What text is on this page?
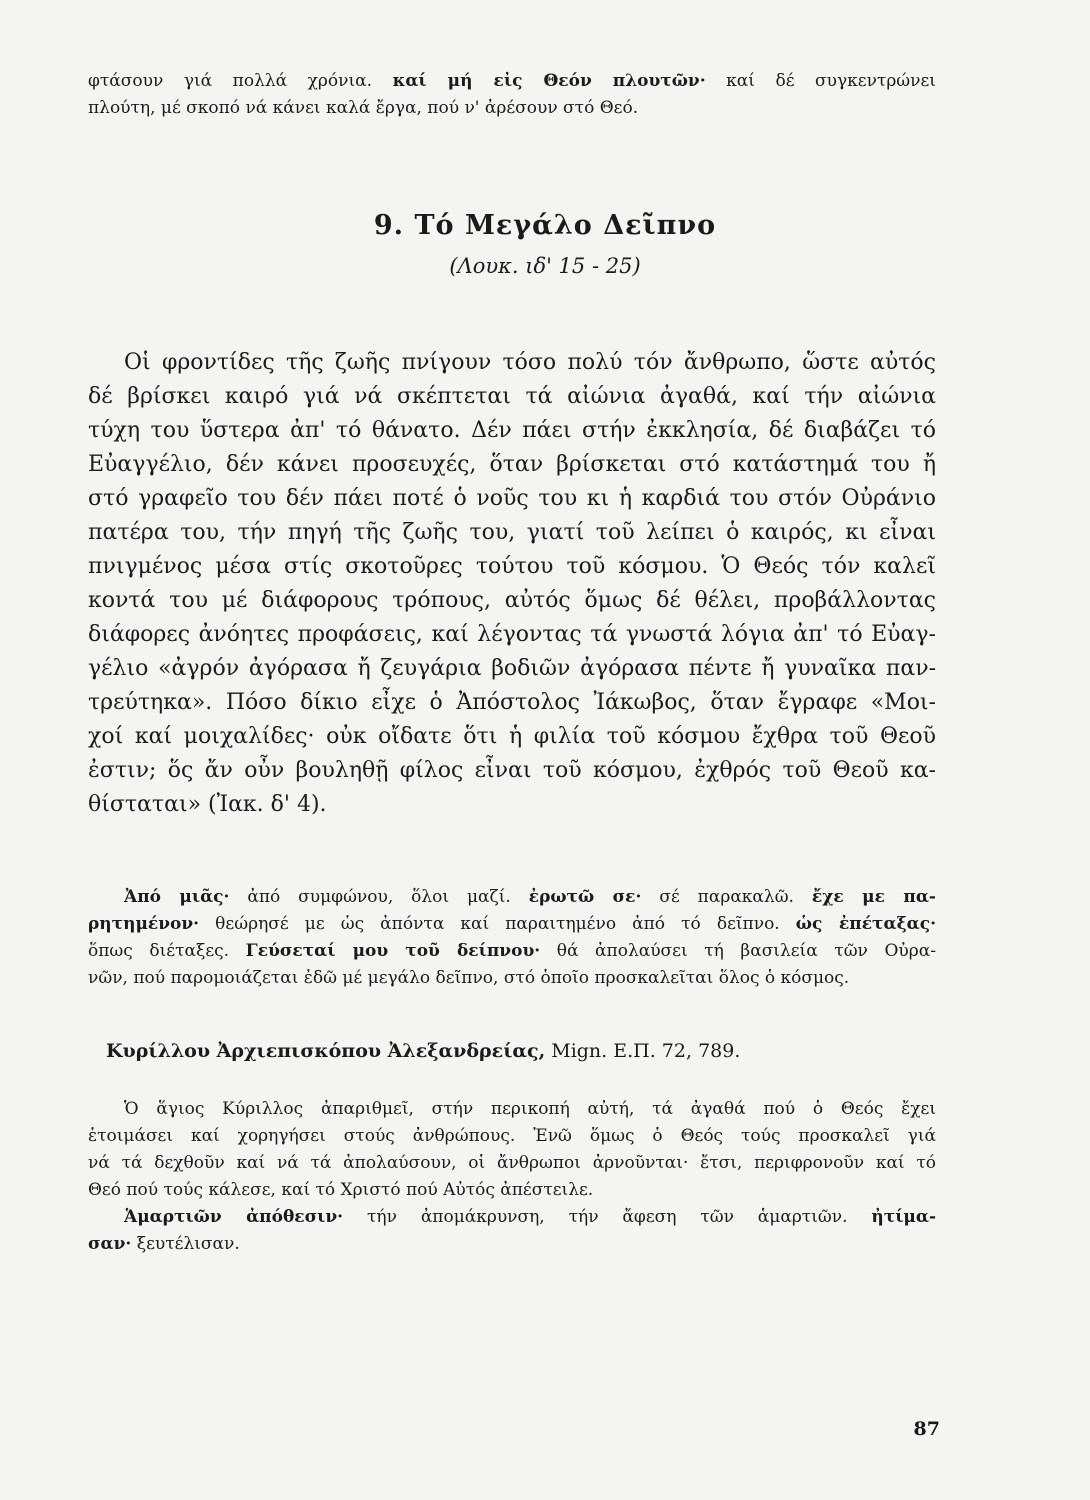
φτάσουν γιά πολλά χρόνια. καί μή εἰς Θεόν πλουτῶν· καί δέ συγκεντρώνει
πλούτη, μέ σκοπό νά κάνει καλά ἔργα, πού ν' ἀρέσουν στό Θεό.
9. Τό Μεγάλο Δεῖπνο
(Λουκ. ιδ' 15 - 25)
Οἱ φροντίδες τῆς ζωῆς πνίγουν τόσο πολύ τόν ἄνθρωπο, ὥστε αὐτός
δέ βρίσκει καιρό γιά νά σκέπτεται τά αἰώνια ἀγαθά, καί τήν αἰώνια
τύχη του ὕστερα ἀπ' τό θάνατο. Δέν πάει στήν ἐκκλησία, δέ διαβάζει τό
Εὐαγγέλιο, δέν κάνει προσευχές, ὅταν βρίσκεται στό κατάστημά του ἤ
στό γραφεῖο του δέν πάει ποτέ ὁ νοῦς του κι ἡ καρδιά του στόν Οὐράνιο
πατέρα του, τήν πηγή τῆς ζωῆς του, γιατί τοῦ λείπει ὁ καιρός, κι εἶναι
πνιγμένος μέσα στίς σκοτοῦρες τούτου τοῦ κόσμου. Ὁ Θεός τόν καλεῖ
κοντά του μέ διάφορους τρόπους, αὐτός ὅμως δέ θέλει, προβάλλοντας
διάφορες ἀνόητες προφάσεις, καί λέγοντας τά γνωστά λόγια ἀπ' τό Εὐαγ-
γέλιο «ἀγρόν ἀγόρασα ἤ ζευγάρια βοδιῶν ἀγόρασα πέντε ἤ γυναῖκα παν-
τρεύτηκα». Πόσο δίκιο εἶχε ὁ Ἀπόστολος Ἰάκωβος, ὅταν ἔγραφε «Μοι-
χοί καί μοιχαλίδες· οὐκ οἴδατε ὅτι ἡ φιλία τοῦ κόσμου ἔχθρα τοῦ Θεοῦ
ἐστιν; ὅς ἄν οὖν βουληθῇ φίλος εἶναι τοῦ κόσμου, ἐχθρός τοῦ Θεοῦ κα-
θίσταται» (Ἰακ. δ' 4).
Ἀπό μιᾶς· ἀπό συμφώνου, ὅλοι μαζί. ἐρωτῶ σε· σέ παρακαλῶ. ἔχε με πα-
ρητημένον· θεώρησέ με ὡς ἀπόντα καί παραιτημένο ἀπό τό δεῖπνο. ὡς ἐπέταξας·
ὅπως διέταξες. Γεύσεταί μου τοῦ δείπνου· θά ἀπολαύσει τή βασιλεία τῶν Οὐρα-
νῶν, πού παρομοιάζεται ἐδῶ μέ μεγάλο δεῖπνο, στό ὁποῖο προσκαλεῖται ὅλος ὁ κόσμος.
Κυρίλλου Ἀρχιεπισκόπου Ἀλεξανδρείας, Mign. Ε.Π. 72, 789.
Ὁ ἅγιος Κύριλλος ἀπαριθμεῖ, στήν περικοπή αὐτή, τά ἀγαθά πού ὁ Θεός ἔχει
ἑτοιμάσει καί χορηγήσει στούς ἀνθρώπους. Ἐνῶ ὅμως ὁ Θεός τούς προσκαλεῖ γιά
νά τά δεχθοῦν καί νά τά ἀπολαύσουν, οἱ ἄνθρωποι ἀρνοῦνται· ἔτσι, περιφρονοῦν καί τό
Θεό πού τούς κάλεσε, καί τό Χριστό πού Αὐτός ἀπέστειλε.
Ἁμαρτιῶν ἀπόθεσιν· τήν ἀπομάκρυνση, τήν ἄφεση τῶν ἁμαρτιῶν. ἠτίμα-
σαν· ξευτέλισαν.
87
